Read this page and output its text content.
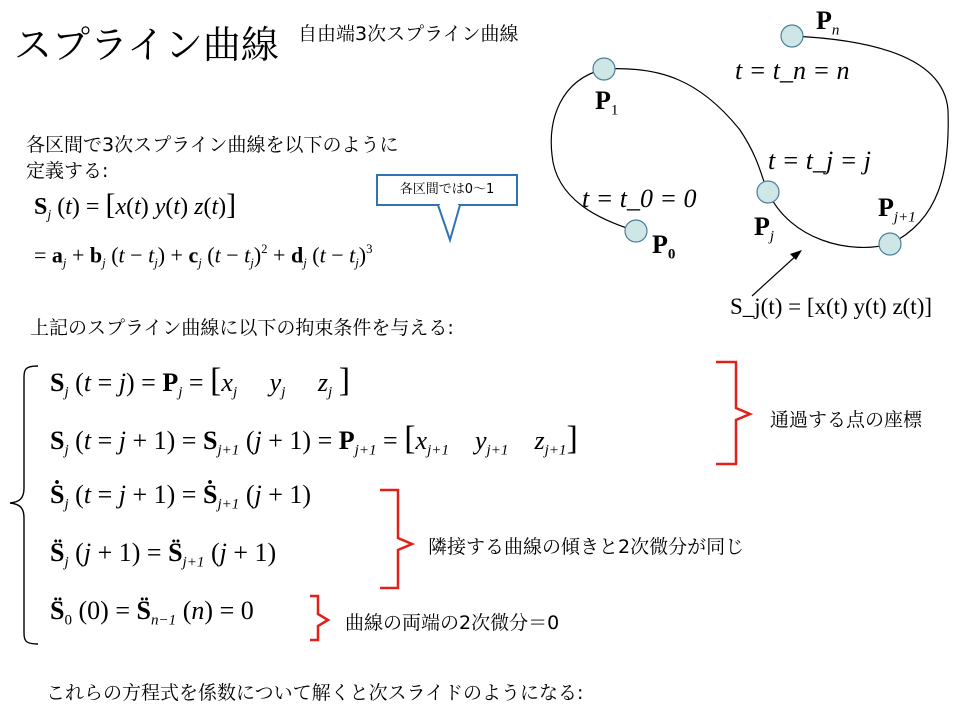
スプライン曲線 自由端3次スプライン曲線
各区間で3次スプライン曲線を以下のように
定義する:
$S_j$ (t) = [x(t) y(t) z(t)]
= $a_j + b_j$ $(t - t_j) + c_j$ $(t - t_j)^2 + d_j$ $(t - t_j)^3$
各区間では0～1
上記のスプライン曲線に以下の拘束条件を与える:
$S_j$ $(t = j) = P_j = [x_j$ $y_j$ $z_j$ ]
$S_j$ $(t = j + 1) = S_{j+1}$ $(j + 1) = P_{j+1} = [x_{j+1}$ $y_{j+1}$ $z_{j+1}$]
Ṡ$_j$ (t = j + 1) = Ṡ$_{j+1}$ (j + 1)
$S̈_j$ $(j + 1) = S̈_{j+1}$ (j + 1)
$S̈_0$ $(0) = S̈_{n-1}$ (n) = 0
通過する点の座標
隣接する曲線の傾きと2次微分が同じ
曲線の両端の2次微分＝0
これらの方程式を係数について解くと次スライドのようになる:
$P_n$
$P_1$
$P_0$
$P_j$
$P_{j+1}$
t = t_n = n
t = t_j = j
t = t_0 = 0
S_j(t) = [x(t) y(t) z(t)]
